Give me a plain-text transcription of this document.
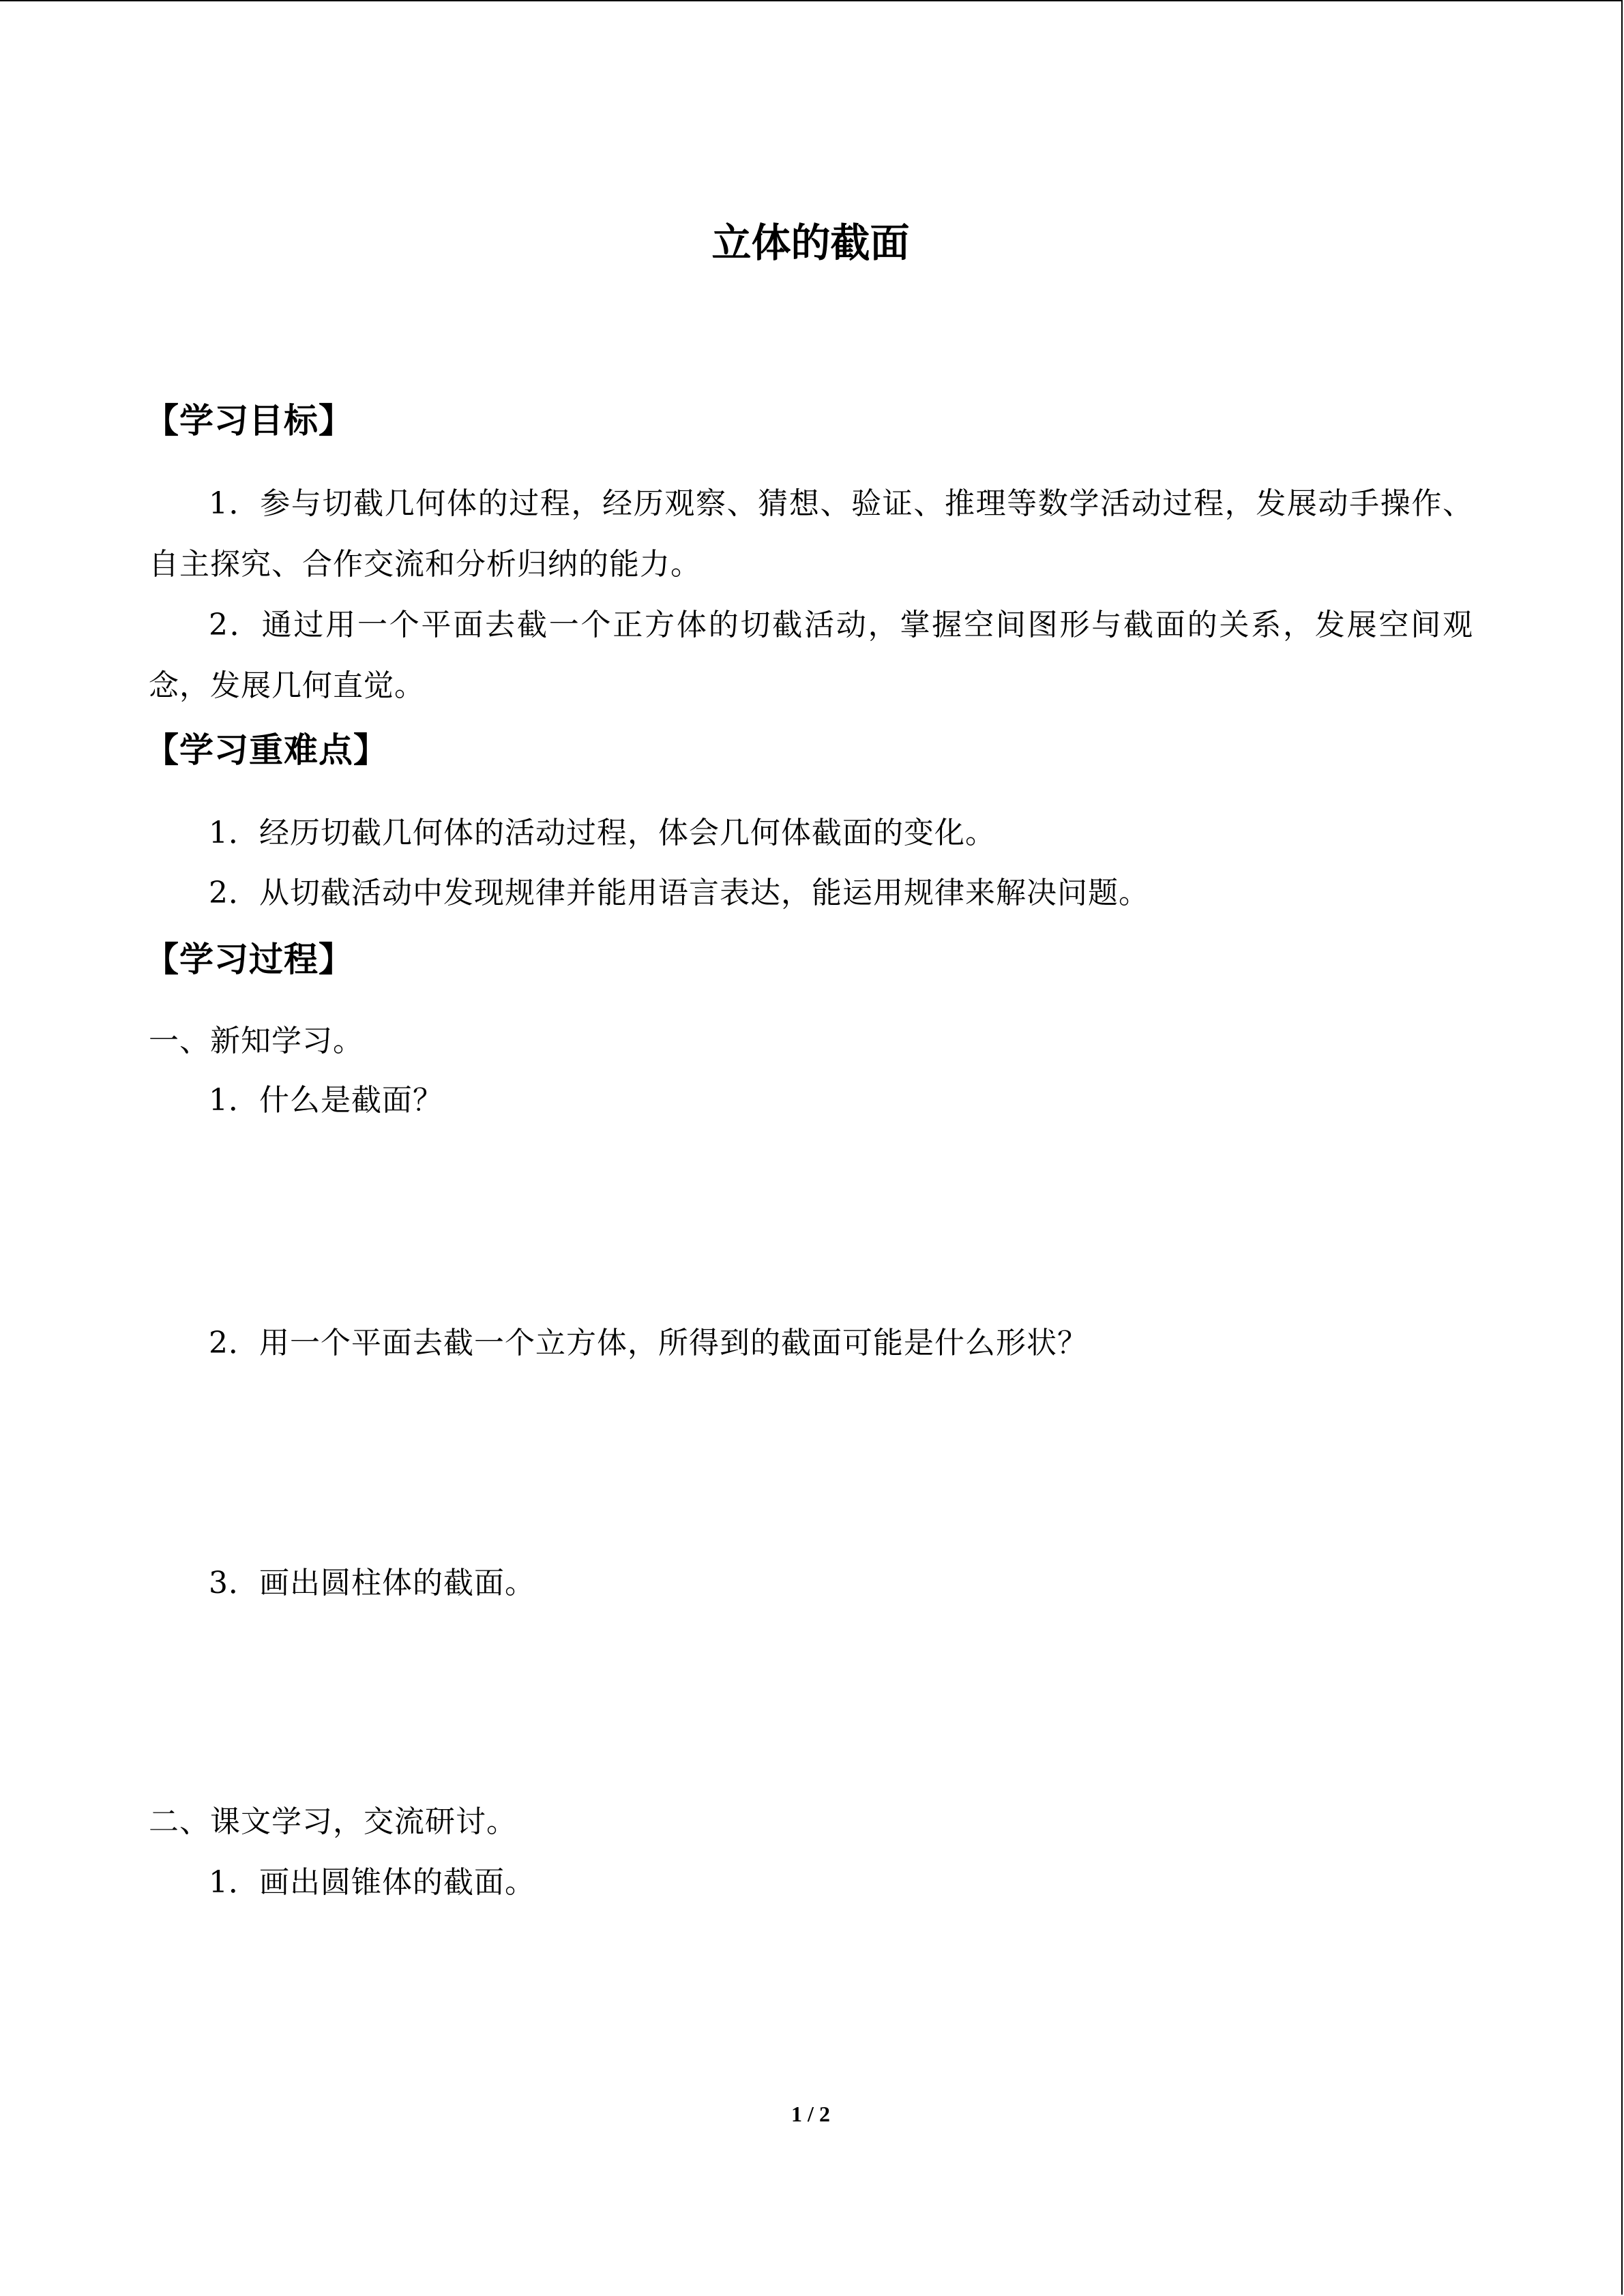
立体的截面
【学习目标】
1．参与切截几何体的过程，经历观察、猜想、验证、推理等数学活动过程，发展动手操作、自主探究、合作交流和分析归纳的能力。
2．通过用一个平面去截一个正方体的切截活动，掌握空间图形与截面的关系，发展空间观念，发展几何直觉。
【学习重难点】
1．经历切截几何体的活动过程，体会几何体截面的变化。
2．从切截活动中发现规律并能用语言表达，能运用规律来解决问题。
【学习过程】
一、新知学习。
1．什么是截面？
2．用一个平面去截一个立方体，所得到的截面可能是什么形状？
3．画出圆柱体的截面。
二、课文学习，交流研讨。
1．画出圆锥体的截面。
1 / 2
